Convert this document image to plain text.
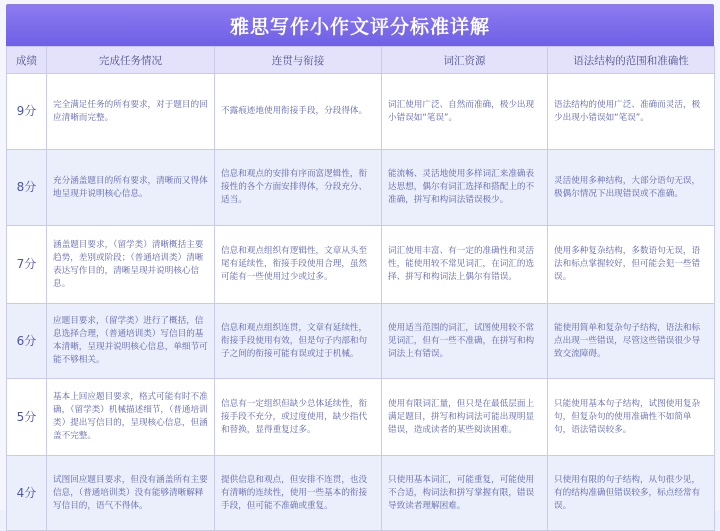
雅思写作小作文评分标准详解
成绩	完成任务情况	连贯与衔接	词汇资源	语法结构的范围和准确性
9分	完全满足任务的所有要求，对于题目的回应清晰而完整。	不露痕迹地使用衔接手段，分段得体。	词汇使用广泛、自然而准确，极少出现小错误如“笔误”。	语法结构的使用广泛、准确而灵活，极少出现小错误如“笔误”。
8分	充分涵盖题目的所有要求，清晰而又得体地呈现并说明核心信息。	信息和观点的安排有序而富逻辑性，衔接性的各个方面安排得体，分段充分、适当。	能流畅、灵活地使用多样词汇来准确表达思想，偶尔有词汇选择和搭配上的不准确，拼写和构词法错误极少。	灵活使用多种结构，大部分语句无误，极偶尔情况下出现错误或不准确。
7分	涵盖题目要求，（留学类）清晰概括主要趋势，差别或阶段；（普通培训类）清晰表达写作目的，清晰呈现并说明核心信息。	信息和观点组织有逻辑性，文章从头至尾有延续性，衔接手段使用合理，虽然可能有一些使用过少或过多。	词汇使用丰富、有一定的准确性和灵活性，能使用较不常见词汇，在词汇的选择、拼写和构词法上偶尔有错误。	使用多种复杂结构，多数语句无误，语法和标点掌握较好，但可能会犯一些错误。
6分	应题目要求，（留学类）进行了概括，信息选择合理，（普通培训类）写信目的基本清晰，呈现并说明核心信息，单细节可能不够相关。	信息和观点组织连贯，文章有延续性，衔接手段使用有效，但是句子内部和句子之间的衔接可能有误或过于机械。	使用适当范围的词汇，试图使用较不常见词汇，但有一些不准确，在拼写和构词法上有错误。	能使用简单和复杂句子结构，语法和标点出现一些错误，尽管这些错误很少导致交流障碍。
5分	基本上回应题目要求，格式可能有时不准确，（留学类）机械描述细节，（普通培训类）提出写信目的，呈现核心信息，但涵盖不完整。	信息有一定组织但缺少总体延续性，衔接手段不充分，或过度使用，缺少指代和替换，显得重复过多。	使用有限词汇量，但只是在最低层面上满足题目，拼写和构词法可能出现明显错误，造成读者的某些阅读困难。	只能使用基本句子结构，试图使用复杂句，但复杂句的使用准确性不如简单句，语法错误较多。
4分	试图回应题目要求，但没有涵盖所有主要信息，（普通培训类）没有能够清晰解释写信目的，语气不得体。	提供信息和观点，但安排不连贯，也没有清晰的连续性，使用一些基本的衔接手段，但可能不准确或重复。	只使用基本词汇，可能重复，可能使用不合适，构词法和拼写掌握有限，错误导致读者理解困难。	只使用有限的句子结构，从句很少见，有的结构准确但错误较多，标点经常有误。
